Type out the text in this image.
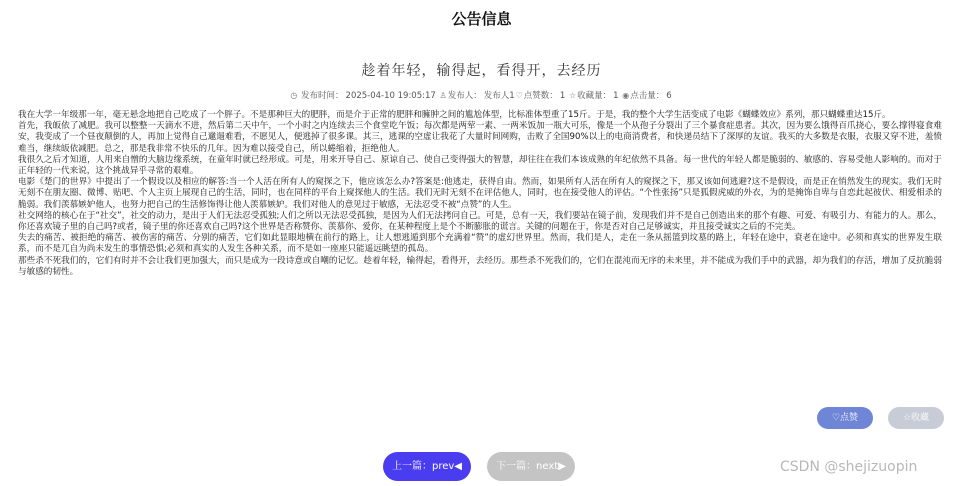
公告信息
趁着年轻，输得起，看得开，去经历
◷ 发布时间： 2025-04-10 19:05:17 ♙发布人： 发布人1♡点赞数： 1 ☆收藏量： 1 ◉点击量： 6

我在大学一年级那一年，毫无悬念地把自己吃成了一个胖子。不是那种巨大的肥胖，而是介于正常的肥胖和臃肿之间的尴尬体型，比标准体型重了15斤。于是，我的整个大学生活变成了电影《蝴蝶效应》系列，那只蝴蝶重达15斤。

首先，我皈依了减肥。我可以整整一天滴水不进，然后第二天中午，一个小时之内连续去三个食堂吃午饭；每次都是两荤一素、一两米饭加一瓶大可乐，像是一个从孢子分裂出了三个暴食症患者。其次，因为要么饿得百爪挠心，要么撑得寝食难安，我变成了一个昼夜颠倒的人，再加上觉得自己邋遢难看，不愿见人，便逃掉了很多课。其三，逃课的空虚让我花了大量时间网购，击败了全国90%以上的电商消费者，和快递员结下了深厚的友谊。我买的大多数是衣服，衣服又穿不进，羞愤难当，继续皈依减肥。总之，那是我非常不快乐的几年。因为难以接受自己，所以蜷缩着，拒绝他人。

我很久之后才知道，人用来自憎的大脑边缘系统，在童年时就已经形成。可是，用来开导自己、原谅自己、使自己变得强大的智慧，却往往在我们本该成熟的年纪依然不具备。每一世代的年轻人都是脆弱的、敏感的、容易受他人影响的。而对于正年轻的一代来说，这个挑战异乎寻常的艰难。

电影《楚门的世界》中提出了一个假设以及相应的解答:当一个人活在所有人的窥探之下，他应该怎么办?答案是:他逃走，获得自由。然而，如果所有人活在所有人的窥探之下，那又该如何逃避?这不是假设，而是正在悄然发生的现实。我们无时无刻不在朋友圈、微博、贴吧、个人主页上展现自己的生活，同时，也在同样的平台上窥探他人的生活。我们无时无刻不在评估他人，同时，也在接受他人的评估。“个性张扬”只是狐假虎威的外衣，为的是掩饰自卑与自恋此起彼伏、相爱相杀的脆弱。我们羡慕嫉妒他人，也努力把自己的生活修饰得让他人羡慕嫉妒。我们对他人的意见过于敏感，无法忍受不被“点赞”的人生。

社交网络的核心在于“社交”，社交的动力，是出于人们无法忍受孤独;人们之所以无法忍受孤独，是因为人们无法拷问自己。可是，总有一天，我们要站在镜子前，发现我们并不是自己创造出来的那个有趣、可爱、有吸引力、有能力的人。那么，你还喜欢镜子里的自己吗?或者，镜子里的你还喜欢自己吗?这个世界是否称赞你、羡慕你、爱你，在某种程度上是个不断膨胀的谎言。关键的问题在于，你是否对自己足够诚实，并且接受诚实之后的不完美。

失去的痛苦、被拒绝的痛苦、被伤害的痛苦、分别的痛苦，它们如此显眼地横在前行的路上，让人想逃遁到那个充满着“赞”的虚幻世界里。然而，我们是人，走在一条从摇篮到坟墓的路上，年轻在途中，衰老在途中。必须和真实的世界发生联系，而不是兀自为尚未发生的事情恐惧;必须和真实的人发生各种关系，而不是如一座座只能遥远眺望的孤岛。

那些杀不死我们的，它们有时并不会让我们更加强大，而只是成为一段诗意或自嘲的记忆。趁着年轻，输得起，看得开，去经历。那些杀不死我们的，它们在混沌而无序的未来里，并不能成为我们手中的武器，却为我们的存活，增加了反抗脆弱与敏感的韧性。

♡点赞	☆收藏
上一篇：prev◀	下一篇：next▶	CSDN @shejizuopin
